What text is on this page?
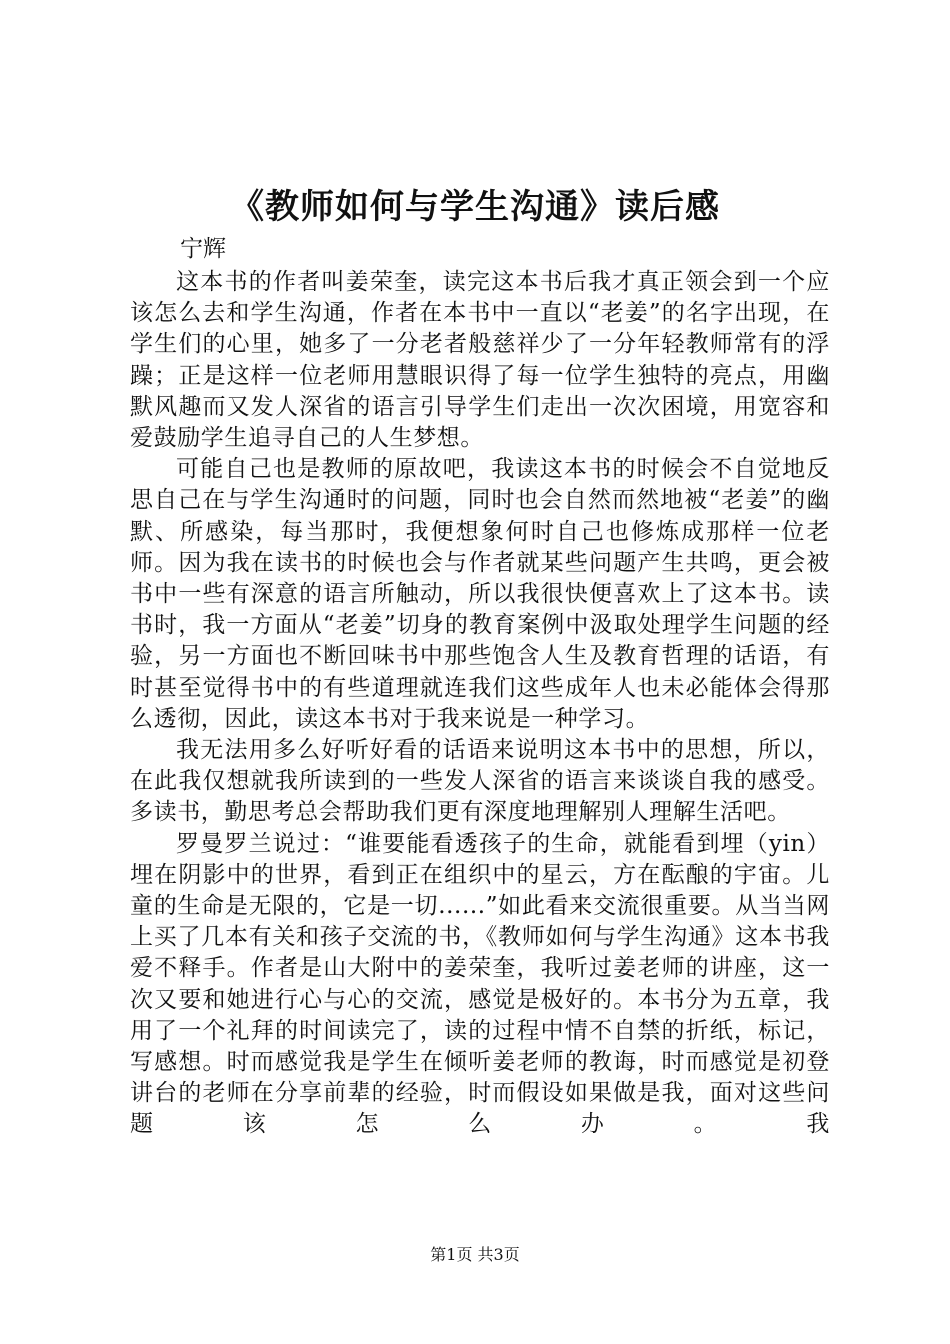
《教师如何与学生沟通》读后感

宁辉

这本书的作者叫姜荣奎，读完这本书后我才真正领会到一个应该怎么去和学生沟通，作者在本书中一直以“老姜”的名字出现，在学生们的心里，她多了一分老者般慈祥少了一分年轻教师常有的浮躁；正是这样一位老师用慧眼识得了每一位学生独特的亮点，用幽默风趣而又发人深省的语言引导学生们走出一次次困境，用宽容和爱鼓励学生追寻自己的人生梦想。

可能自己也是教师的原故吧，我读这本书的时候会不自觉地反思自己在与学生沟通时的问题，同时也会自然而然地被“老姜”的幽默、所感染，每当那时，我便想象何时自己也修炼成那样一位老师。因为我在读书的时候也会与作者就某些问题产生共鸣，更会被书中一些有深意的语言所触动，所以我很快便喜欢上了这本书。读书时，我一方面从“老姜”切身的教育案例中汲取处理学生问题的经验，另一方面也不断回味书中那些饱含人生及教育哲理的话语，有时甚至觉得书中的有些道理就连我们这些成年人也未必能体会得那么透彻，因此，读这本书对于我来说是一种学习。

我无法用多么好听好看的话语来说明这本书中的思想，所以，在此我仅想就我所读到的一些发人深省的语言来谈谈自我的感受。多读书，勤思考总会帮助我们更有深度地理解别人理解生活吧。

罗曼罗兰说过：“谁要能看透孩子的生命，就能看到埋（yin）埋在阴影中的世界，看到正在组织中的星云，方在酝酿的宇宙。儿童的生命是无限的，它是一切......”如此看来交流很重要。从当当网上买了几本有关和孩子交流的书，《教师如何与学生沟通》这本书我爱不释手。作者是山大附中的姜荣奎，我听过姜老师的讲座，这一次又要和她进行心与心的交流，感觉是极好的。本书分为五章，我用了一个礼拜的时间读完了，读的过程中情不自禁的折纸，标记，写感想。时而感觉我是学生在倾听姜老师的教诲，时而感觉是初登讲台的老师在分享前辈的经验，时而假设如果做是我，面对这些问题该怎么办。我

第1页 共3页
